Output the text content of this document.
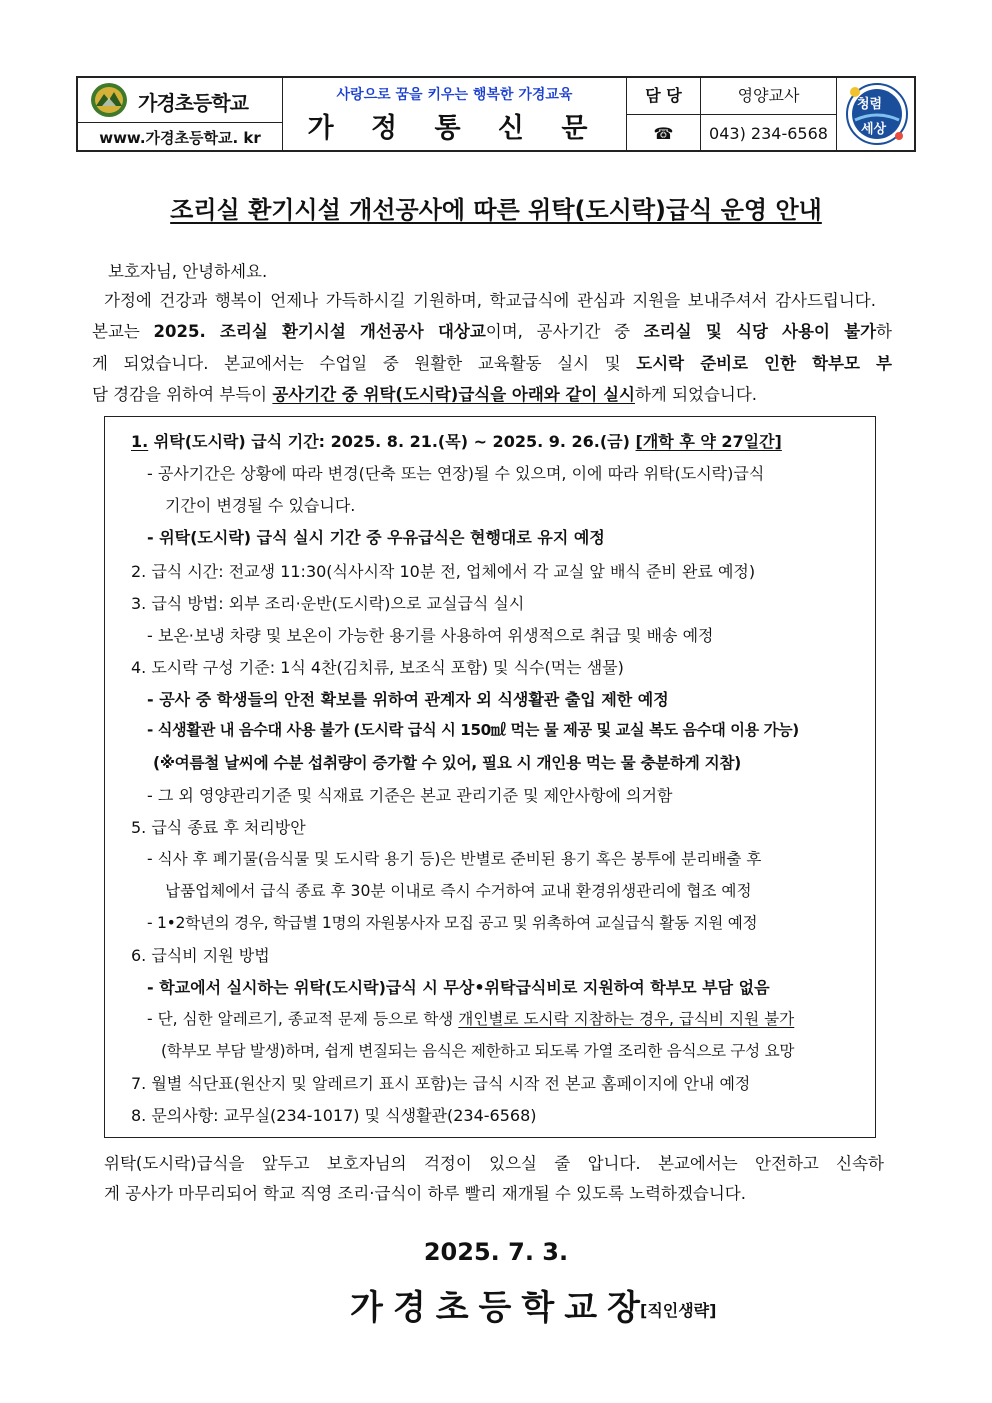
가경초등학교
www.가경초등학교. kr
사랑으로 꿈을 키우는 행복한 가경교육
가 정 통 신 문
담 당	영양교사
☎	043) 234-6568
청렴
세상
조리실 환기시설 개선공사에 따른 위탁(도시락)급식 운영 안내
보호자님, 안녕하세요.
가정에 건강과 행복이 언제나 가득하시길 기원하며, 학교급식에 관심과 지원을 보내주셔서 감사드립니다.
본교는 2025. 조리실 환기시설 개선공사 대상교이며, 공사기간 중 조리실 및 식당 사용이 불가하
게 되었습니다. 본교에서는 수업일 중 원활한 교육활동 실시 및 도시락 준비로 인한 학부모 부
담 경감을 위하여 부득이 공사기간 중 위탁(도시락)급식을 아래와 같이 실시하게 되었습니다.
1. 위탁(도시락) 급식 기간: 2025. 8. 21.(목) ~ 2025. 9. 26.(금) [개학 후 약 27일간]
- 공사기간은 상황에 따라 변경(단축 또는 연장)될 수 있으며, 이에 따라 위탁(도시락)급식
기간이 변경될 수 있습니다.
- 위탁(도시락) 급식 실시 기간 중 우유급식은 현행대로 유지 예정
2. 급식 시간: 전교생 11:30(식사시작 10분 전, 업체에서 각 교실 앞 배식 준비 완료 예정)
3. 급식 방법: 외부 조리·운반(도시락)으로 교실급식 실시
- 보온·보냉 차량 및 보온이 가능한 용기를 사용하여 위생적으로 취급 및 배송 예정
4. 도시락 구성 기준: 1식 4찬(김치류, 보조식 포함) 및 식수(먹는 샘물)
- 공사 중 학생들의 안전 확보를 위하여 관계자 외 식생활관 출입 제한 예정
- 식생활관 내 음수대 사용 불가 (도시락 급식 시 150㎖ 먹는 물 제공 및 교실 복도 음수대 이용 가능)
(※여름철 날씨에 수분 섭취량이 증가할 수 있어, 필요 시 개인용 먹는 물 충분하게 지참)
- 그 외 영양관리기준 및 식재료 기준은 본교 관리기준 및 제안사항에 의거함
5. 급식 종료 후 처리방안
- 식사 후 폐기물(음식물 및 도시락 용기 등)은 반별로 준비된 용기 혹은 봉투에 분리배출 후
납품업체에서 급식 종료 후 30분 이내로 즉시 수거하여 교내 환경위생관리에 협조 예정
- 1•2학년의 경우, 학급별 1명의 자원봉사자 모집 공고 및 위촉하여 교실급식 활동 지원 예정
6. 급식비 지원 방법
- 학교에서 실시하는 위탁(도시락)급식 시 무상•위탁급식비로 지원하여 학부모 부담 없음
- 단, 심한 알레르기, 종교적 문제 등으로 학생 개인별로 도시락 지참하는 경우, 급식비 지원 불가
(학부모 부담 발생)하며, 쉽게 변질되는 음식은 제한하고 되도록 가열 조리한 음식으로 구성 요망
7. 월별 식단표(원산지 및 알레르기 표시 포함)는 급식 시작 전 본교 홈페이지에 안내 예정
8. 문의사항: 교무실(234-1017) 및 식생활관(234-6568)
위탁(도시락)급식을 앞두고 보호자님의 걱정이 있으실 줄 압니다. 본교에서는 안전하고 신속하
게 공사가 마무리되어 학교 직영 조리·급식이 하루 빨리 재개될 수 있도록 노력하겠습니다.
2025. 7. 3.
가경초등학교장
[직인생략]
